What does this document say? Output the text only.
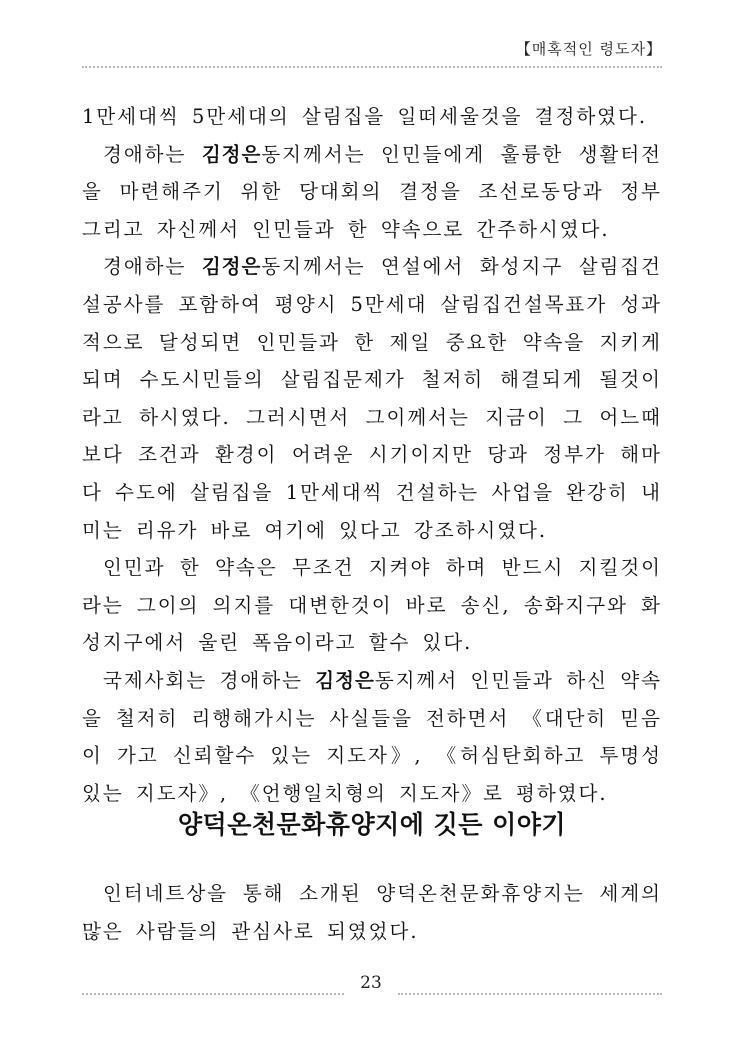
【매혹적인 령도자】

1만세대씩 5만세대의 살림집을 일떠세울것을 결정하였다.

경애하는 김정은동지께서는 인민들에게 훌륭한 생활터전을 마련해주기 위한 당대회의 결정을 조선로동당과 정부 그리고 자신께서 인민들과 한 약속으로 간주하시였다.

경애하는 김정은동지께서는 연설에서 화성지구 살림집건설공사를 포함하여 평양시 5만세대 살림집건설목표가 성과적으로 달성되면 인민들과 한 제일 중요한 약속을 지키게 되며 수도시민들의 살림집문제가 철저히 해결되게 될것이라고 하시였다. 그러시면서 그이께서는 지금이 그 어느때보다 조건과 환경이 어려운 시기이지만 당과 정부가 해마다 수도에 살림집을 1만세대씩 건설하는 사업을 완강히 내미는 리유가 바로 여기에 있다고 강조하시였다.

인민과 한 약속은 무조건 지켜야 하며 반드시 지킬것이라는 그이의 의지를 대변한것이 바로 송신, 송화지구와 화성지구에서 울린 폭음이라고 할수 있다.

국제사회는 경애하는 김정은동지께서 인민들과 하신 약속을 철저히 리행해가시는 사실들을 전하면서 《대단히 믿음이 가고 신뢰할수 있는 지도자》, 《허심탄회하고 투명성있는 지도자》, 《언행일치형의 지도자》로 평하였다.

양덕온천문화휴양지에 깃든 이야기

인터네트상을 통해 소개된 양덕온천문화휴양지는 세계의 많은 사람들의 관심사로 되였었다.

23
